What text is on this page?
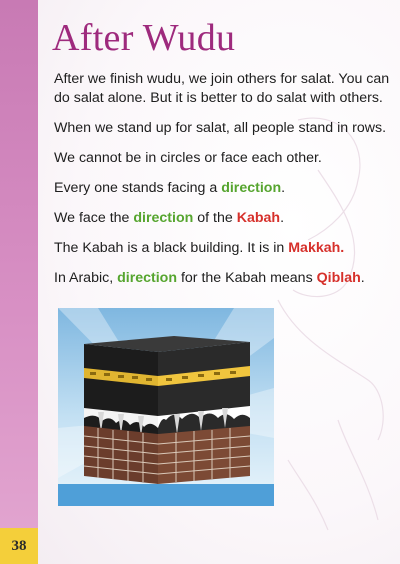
38
After Wudu

After we finish wudu, we join others for salat. You can do salat alone. But it is better to do salat with others.

When we stand up for salat, all people stand in rows.

We cannot be in circles or face each other.

Every one stands facing a direction.

We face the direction of the Kabah.

The Kabah is a black building. It is in Makkah.

In Arabic, direction for the Kabah means Qiblah.
